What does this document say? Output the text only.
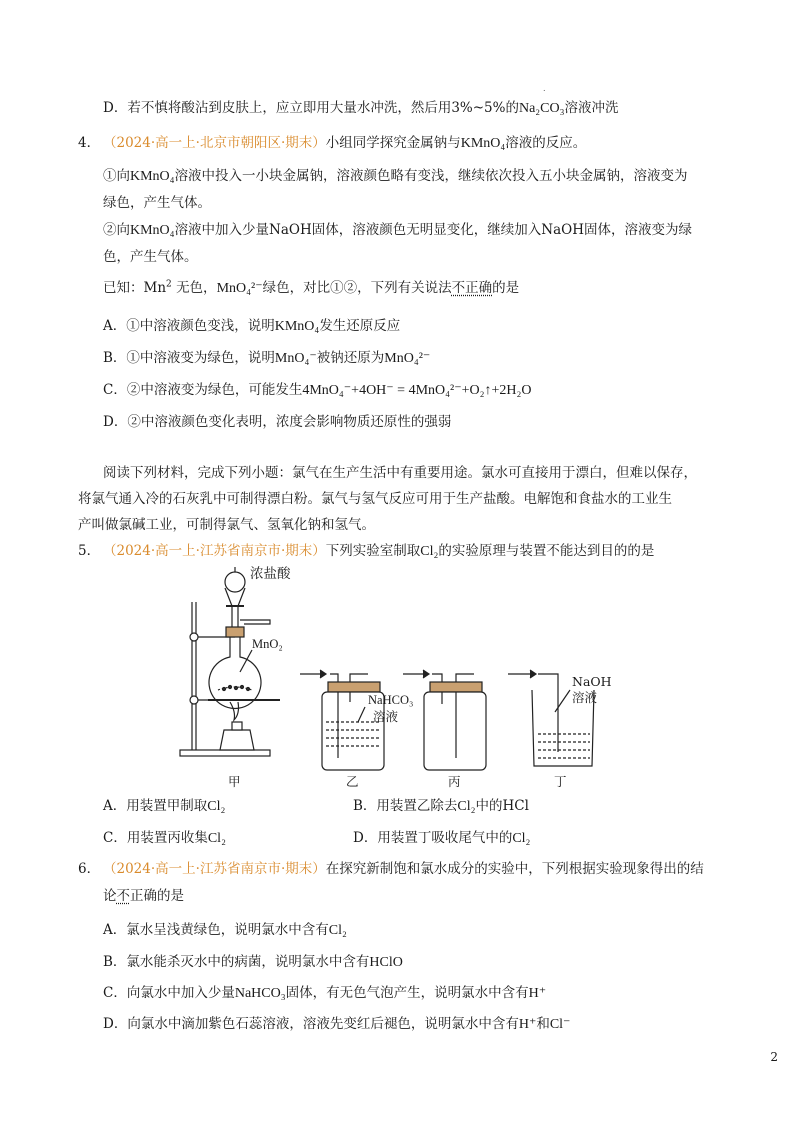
.
D．若不慎将酸沾到皮肤上，应立即用大量水冲洗，然后用3%~5%的Na₂CO₃溶液冲洗
4． （2024·高一上·北京市朝阳区·期末）小组同学探究金属钠与KMnO₄溶液的反应。
①向KMnO₄溶液中投入一小块金属钠，溶液颜色略有变浅，继续依次投入五小块金属钠，溶液变为
绿色，产生气体。
②向KMnO₄溶液中加入少量NaOH固体，溶液颜色无明显变化，继续加入NaOH固体，溶液变为绿
色，产生气体。
已知：Mn$^2$ 无色，MnO₄²⁻绿色，对比①②，下列有关说法不正确的是
A．①中溶液颜色变浅，说明KMnO₄发生还原反应
B．①中溶液变为绿色，说明MnO₄⁻被钠还原为MnO₄²⁻
C．②中溶液变为绿色，可能发生4MnO₄⁻+4OH⁻ = 4MnO₄²⁻+O₂↑+2H₂O
D．②中溶液颜色变化表明，浓度会影响物质还原性的强弱
阅读下列材料，完成下列小题：氯气在生产生活中有重要用途。氯水可直接用于漂白，但难以保存，
将氯气通入冷的石灰乳中可制得漂白粉。氯气与氢气反应可用于生产盐酸。电解饱和食盐水的工业生
产叫做氯碱工业，可制得氯气、氢氧化钠和氢气。
5． （2024·高一上·江苏省南京市·期末）下列实验室制取Cl₂的实验原理与装置不能达到目的的是
浓盐酸
MnO₂
NaHCO₃
溶液
NaOH溶液
甲	乙	丙	丁
A．用装置甲制取Cl₂	B．用装置乙除去Cl₂中的HCl
C．用装置丙收集Cl₂	D．用装置丁吸收尾气中的Cl₂
6． （2024·高一上·江苏省南京市·期末）在探究新制饱和氯水成分的实验中，下列根据实验现象得出的结
论不正确的是
A．氯水呈浅黄绿色，说明氯水中含有Cl₂
B．氯水能杀灭水中的病菌，说明氯水中含有HClO
C．向氯水中加入少量NaHCO₃固体，有无色气泡产生，说明氯水中含有H⁺
D．向氯水中滴加紫色石蕊溶液，溶液先变红后褪色，说明氯水中含有H⁺和Cl⁻
2
